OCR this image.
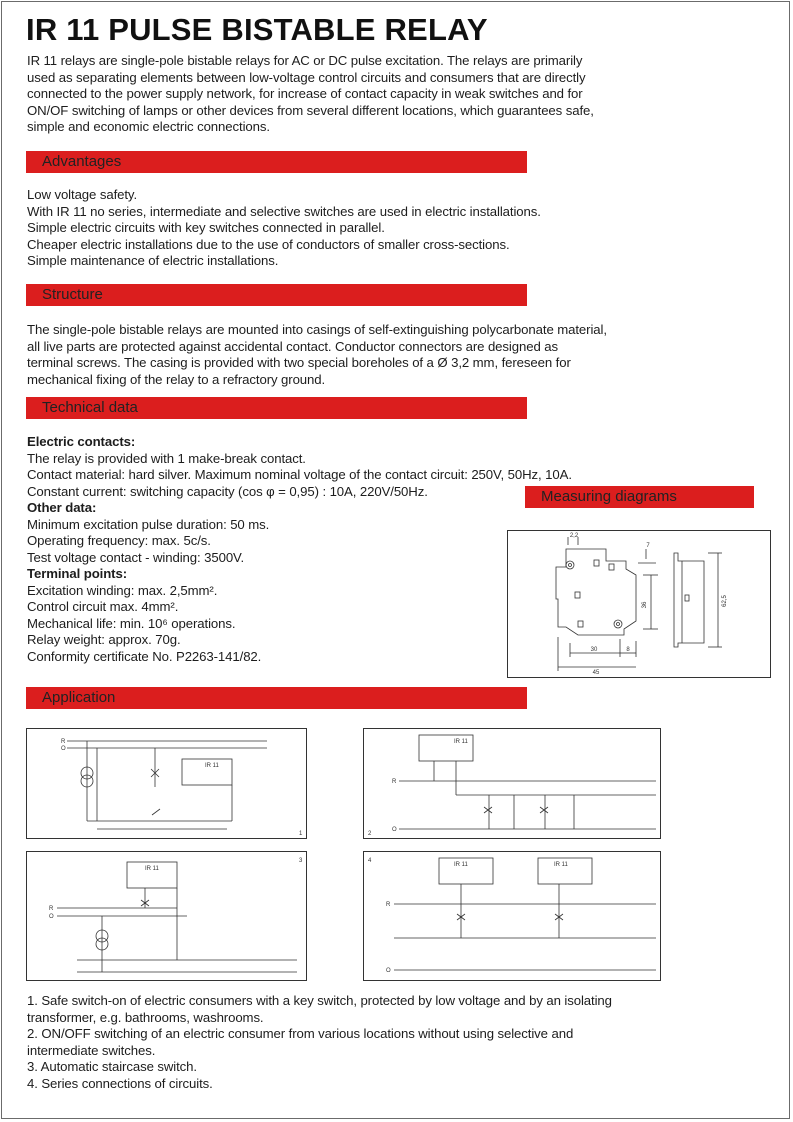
IR 11 PULSE BISTABLE RELAY
IR 11 relays are single-pole bistable relays for AC or DC pulse excitation. The relays are primarily
used as separating elements between low-voltage control circuits and consumers that are directly
connected to the power supply network, for increase of contact capacity in weak switches and for
ON/OF switching of lamps or other devices from several different locations, which guarantees safe,
simple and economic electric connections.
Advantages
Low voltage safety.
With IR 11 no series, intermediate and selective switches are used in electric installations.
Simple electric circuits with key switches connected in parallel.
Cheaper electric installations due to the use of conductors of smaller cross-sections.
Simple maintenance of electric installations.
Structure
The single-pole bistable relays are mounted into casings of self-extinguishing polycarbonate material,
all live parts are protected against accidental contact. Conductor connectors are designed as
terminal screws. The casing is provided with two special boreholes of a Ø 3,2 mm, fereseen for
mechanical fixing of the relay to a refractory ground.
Technical data
Electric contacts:
The relay is provided with 1 make-break contact.
Contact material: hard silver. Maximum nominal voltage of the contact circuit: 250V, 50Hz, 10A.
Constant current: switching capacity (cos φ = 0,95) : 10A, 220V/50Hz.
Other data:
Minimum excitation pulse duration: 50 ms.
Operating frequency: max. 5c/s.
Test voltage contact - winding: 3500V.
Terminal points:
Excitation winding: max. 2,5mm².
Control circuit max. 4mm².
Mechanical life: min. 10⁶ operations.
Relay weight: approx. 70g.
Conformity certificate No. P2263-141/82.
Measuring diagrams
2,2
7
36	62,5
30	8
45
Application
R
O
IR 11
1
IR 11
R
O
2
IR 11
R
O
3
IR 11	IR 11
R
O
4
1. Safe switch-on of electric consumers with a key switch, protected by low voltage and by an isolating
transformer, e.g. bathrooms, washrooms.
2. ON/OFF switching of an electric consumer from various locations without using selective and
intermediate switches.
3. Automatic staircase switch.
4. Series connections of circuits.
